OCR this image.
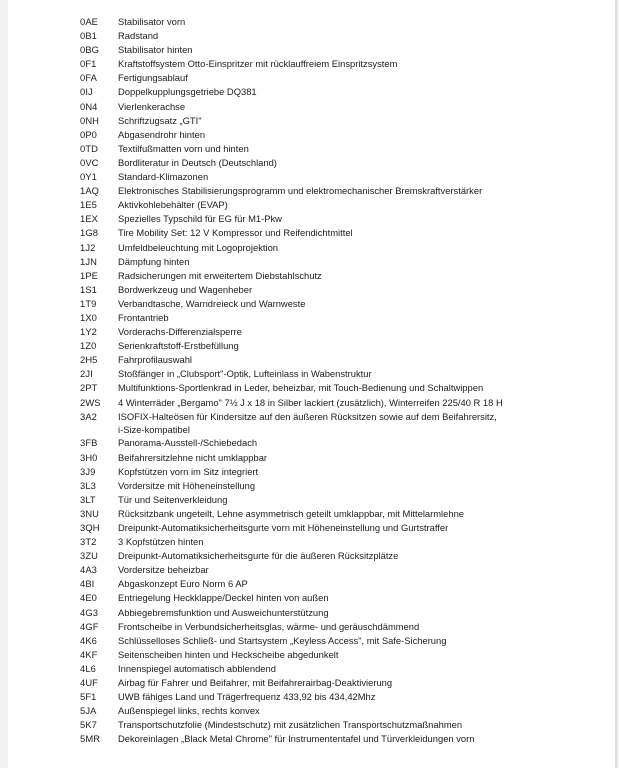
0AE	Stabilisator vorn
0B1	Radstand
0BG	Stabilisator hinten
0F1	Kraftstoffsystem Otto-Einspritzer mit rücklauffreiem Einspritzsystem
0FA	Fertigungsablauf
0IJ	Doppelkupplungsgetriebe DQ381
0N4	Vierlenkerachse
0NH	Schriftzugsatz „GTI"
0P0	Abgasendrohr hinten
0TD	Textilfußmatten vorn und hinten
0VC	Bordliteratur in Deutsch (Deutschland)
0Y1	Standard-Klimazonen
1AQ	Elektronisches Stabilisierungsprogramm und elektromechanischer Bremskraftverstärker
1E5	Aktivkohlebehälter (EVAP)
1EX	Spezielles Typschild für EG für M1-Pkw
1G8	Tire Mobility Set: 12 V Kompressor und Reifendichtmittel
1J2	Umfeldbeleuchtung mit Logoprojektion
1JN	Dämpfung hinten
1PE	Radsicherungen mit erweitertem Diebstahlschutz
1S1	Bordwerkzeug und Wagenheber
1T9	Verbandtasche, Warndreieck und Warnweste
1X0	Frontantrieb
1Y2	Vorderachs-Differenzialsperre
1Z0	Serienkraftstoff-Erstbefüllung
2H5	Fahrprofilauswahl
2JI	Stoßfänger in „Clubsport"-Optik, Lufteinlass in Wabenstruktur
2PT	Multifunktions-Sportlenkrad in Leder, beheizbar, mit Touch-Bedienung und Schaltwippen
2WS	4 Winterräder „Bergamo" 7½ J x 18 in Silber lackiert (zusätzlich), Winterreifen 225/40 R 18 H
3A2	ISOFIX-Halteösen für Kindersitze auf den äußeren Rücksitzen sowie auf dem Beifahrersitz,
i-Size-kompatibel
3FB	Panorama-Ausstell-/Schiebedach
3H0	Beifahrersitzlehne nicht umklappbar
3J9	Kopfstützen vorn im Sitz integriert
3L3	Vordersitze mit Höheneinstellung
3LT	Tür und Seitenverkleidung
3NU	Rücksitzbank ungeteilt, Lehne asymmetrisch geteilt umklappbar, mit Mittelarmlehne
3QH	Dreipunkt-Automatiksicherheitsgurte vorn mit Höheneinstellung und Gurtstraffer
3T2	3 Kopfstützen hinten
3ZU	Dreipunkt-Automatiksicherheitsgurte für die äußeren Rücksitzplätze
4A3	Vordersitze beheizbar
4BI	Abgaskonzept Euro Norm 6 AP
4E0	Entriegelung Heckklappe/Deckel hinten von außen
4G3	Abbiegebremsfunktion und Ausweichunterstützung
4GF	Frontscheibe in Verbundsicherheitsglas, wärme- und geräuschdämmend
4K6	Schlüsselloses Schließ- und Startsystem „Keyless Access", mit Safe-Sicherung
4KF	Seitenscheiben hinten und Heckscheibe abgedunkelt
4L6	Innenspiegel automatisch abblendend
4UF	Airbag für Fahrer und Beifahrer, mit Beifahrerairbag-Deaktivierung
5F1	UWB fähiges Land und Trägerfrequenz 433,92 bis 434,42Mhz
5JA	Außenspiegel links, rechts konvex
5K7	Transportschutzfolie (Mindestschutz) mit zusätzlichen Transportschutzmaßnahmen
5MR	Dekoreinlagen „Black Metal Chrome" für Instrumententafel und Türverkleidungen vorn
